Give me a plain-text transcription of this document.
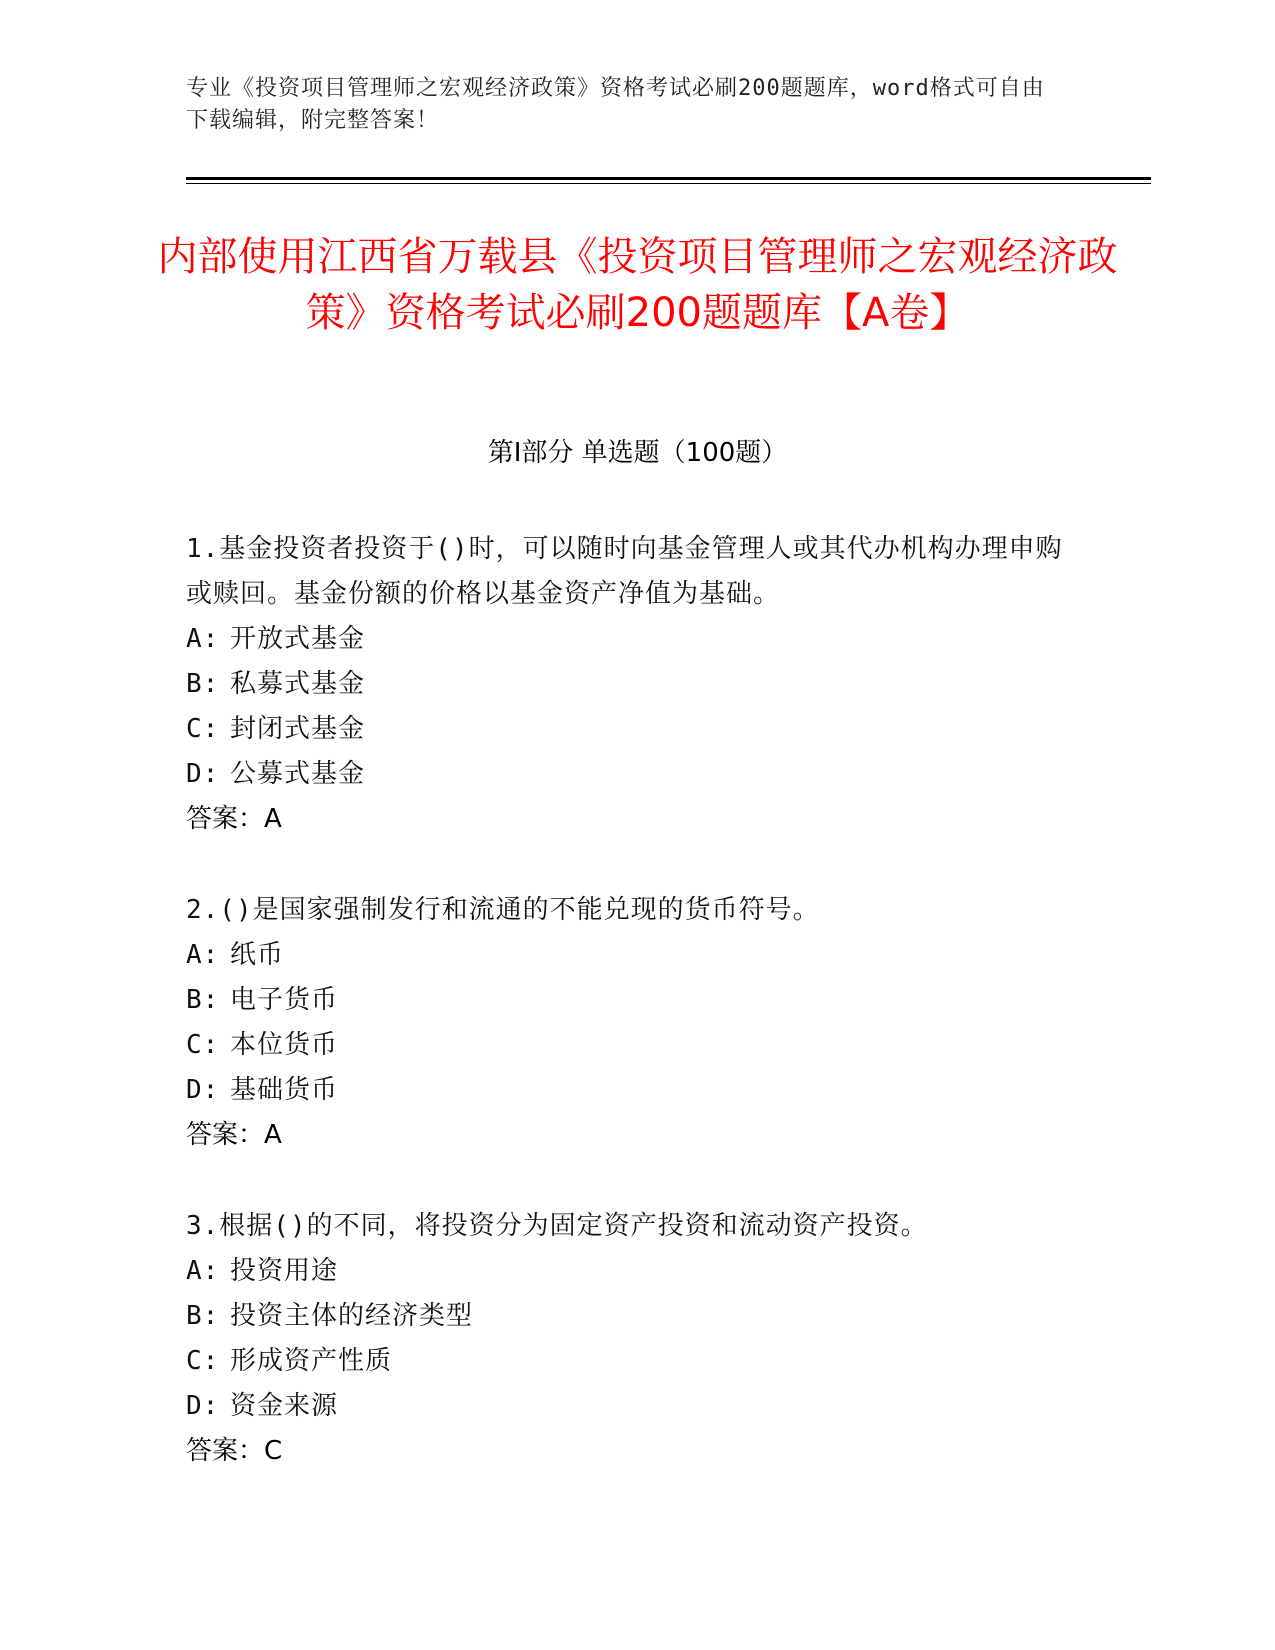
专业《投资项目管理师之宏观经济政策》资格考试必刷200题题库，word格式可自由下载编辑，附完整答案！
内部使用江西省万载县《投资项目管理师之宏观经济政策》资格考试必刷200题题库【A卷】
第Ⅰ部分 单选题（100题）
1.基金投资者投资于()时，可以随时向基金管理人或其代办机构办理申购或赎回。基金份额的价格以基金资产净值为基础。
A: 开放式基金
B: 私募式基金
C: 封闭式基金
D: 公募式基金
答案：A
2.()是国家强制发行和流通的不能兑现的货币符号。
A: 纸币
B: 电子货币
C: 本位货币
D: 基础货币
答案：A
3.根据()的不同，将投资分为固定资产投资和流动资产投资。
A: 投资用途
B: 投资主体的经济类型
C: 形成资产性质
D: 资金来源
答案：C
